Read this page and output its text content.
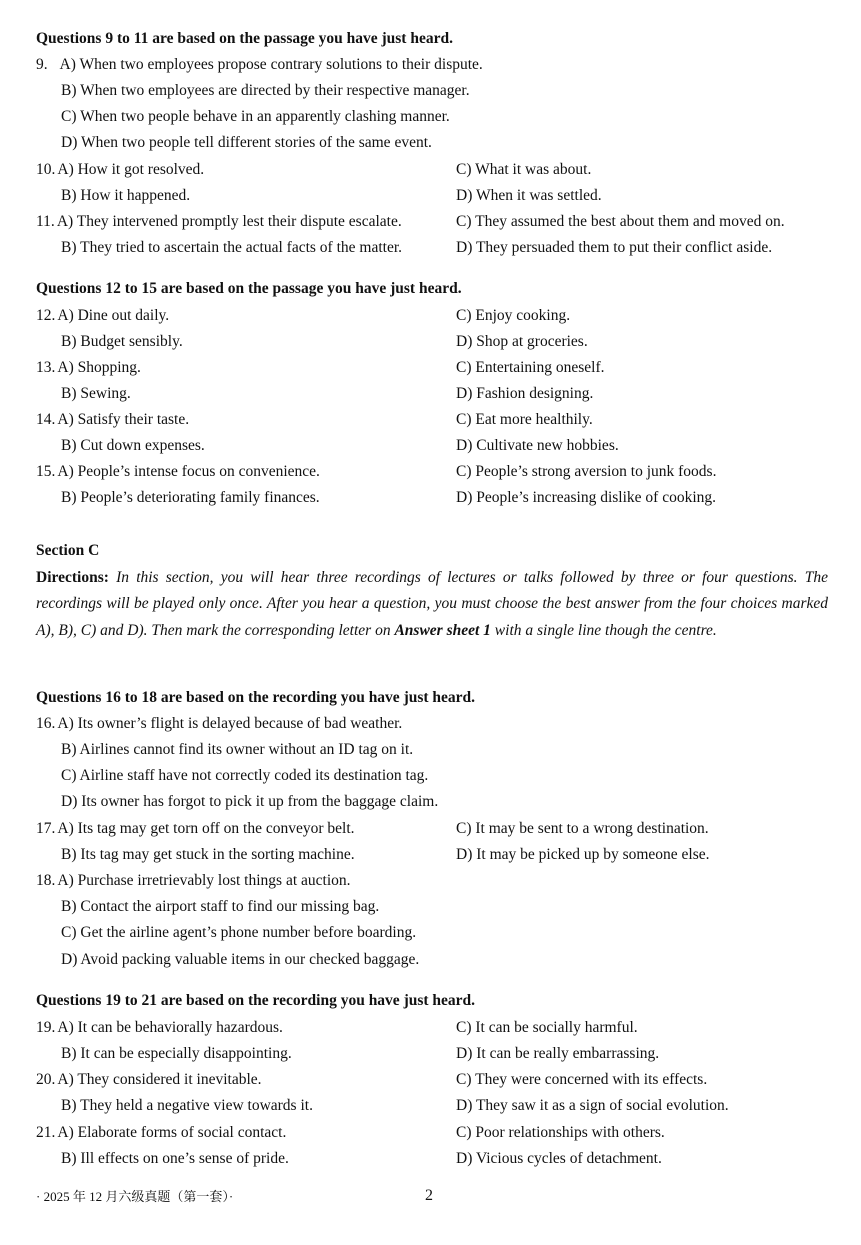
Questions 9 to 11 are based on the passage you have just heard.
9. A) When two employees propose contrary solutions to their dispute.
B) When two employees are directed by their respective manager.
C) When two people behave in an apparently clashing manner.
D) When two people tell different stories of the same event.
10. A) How it got resolved.	C) What it was about.
B) How it happened.	D) When it was settled.
11. A) They intervened promptly lest their dispute escalate.	C) They assumed the best about them and moved on.
B) They tried to ascertain the actual facts of the matter.	D) They persuaded them to put their conflict aside.
Questions 12 to 15 are based on the passage you have just heard.
12. A) Dine out daily.	C) Enjoy cooking.
B) Budget sensibly.	D) Shop at groceries.
13. A) Shopping.	C) Entertaining oneself.
B) Sewing.	D) Fashion designing.
14. A) Satisfy their taste.	C) Eat more healthily.
B) Cut down expenses.	D) Cultivate new hobbies.
15. A) People’s intense focus on convenience.	C) People’s strong aversion to junk foods.
B) People’s deteriorating family finances.	D) People’s increasing dislike of cooking.
Section C
Directions: In this section, you will hear three recordings of lectures or talks followed by three or four questions. The recordings will be played only once. After you hear a question, you must choose the best answer from the four choices marked A), B), C) and D). Then mark the corresponding letter on Answer sheet 1 with a single line though the centre.
Questions 16 to 18 are based on the recording you have just heard.
16. A) Its owner’s flight is delayed because of bad weather.
B) Airlines cannot find its owner without an ID tag on it.
C) Airline staff have not correctly coded its destination tag.
D) Its owner has forgot to pick it up from the baggage claim.
17. A) Its tag may get torn off on the conveyor belt.	C) It may be sent to a wrong destination.
B) Its tag may get stuck in the sorting machine.	D) It may be picked up by someone else.
18. A) Purchase irretrievably lost things at auction.
B) Contact the airport staff to find our missing bag.
C) Get the airline agent’s phone number before boarding.
D) Avoid packing valuable items in our checked baggage.
Questions 19 to 21 are based on the recording you have just heard.
19. A) It can be behaviorally hazardous.	C) It can be socially harmful.
B) It can be especially disappointing.	D) It can be really embarrassing.
20. A) They considered it inevitable.	C) They were concerned with its effects.
B) They held a negative view towards it.	D) They saw it as a sign of social evolution.
21. A) Elaborate forms of social contact.	C) Poor relationships with others.
B) Ill effects on one’s sense of pride.	D) Vicious cycles of detachment.
· 2025 年 12 月六级真题（第一套）·	2
